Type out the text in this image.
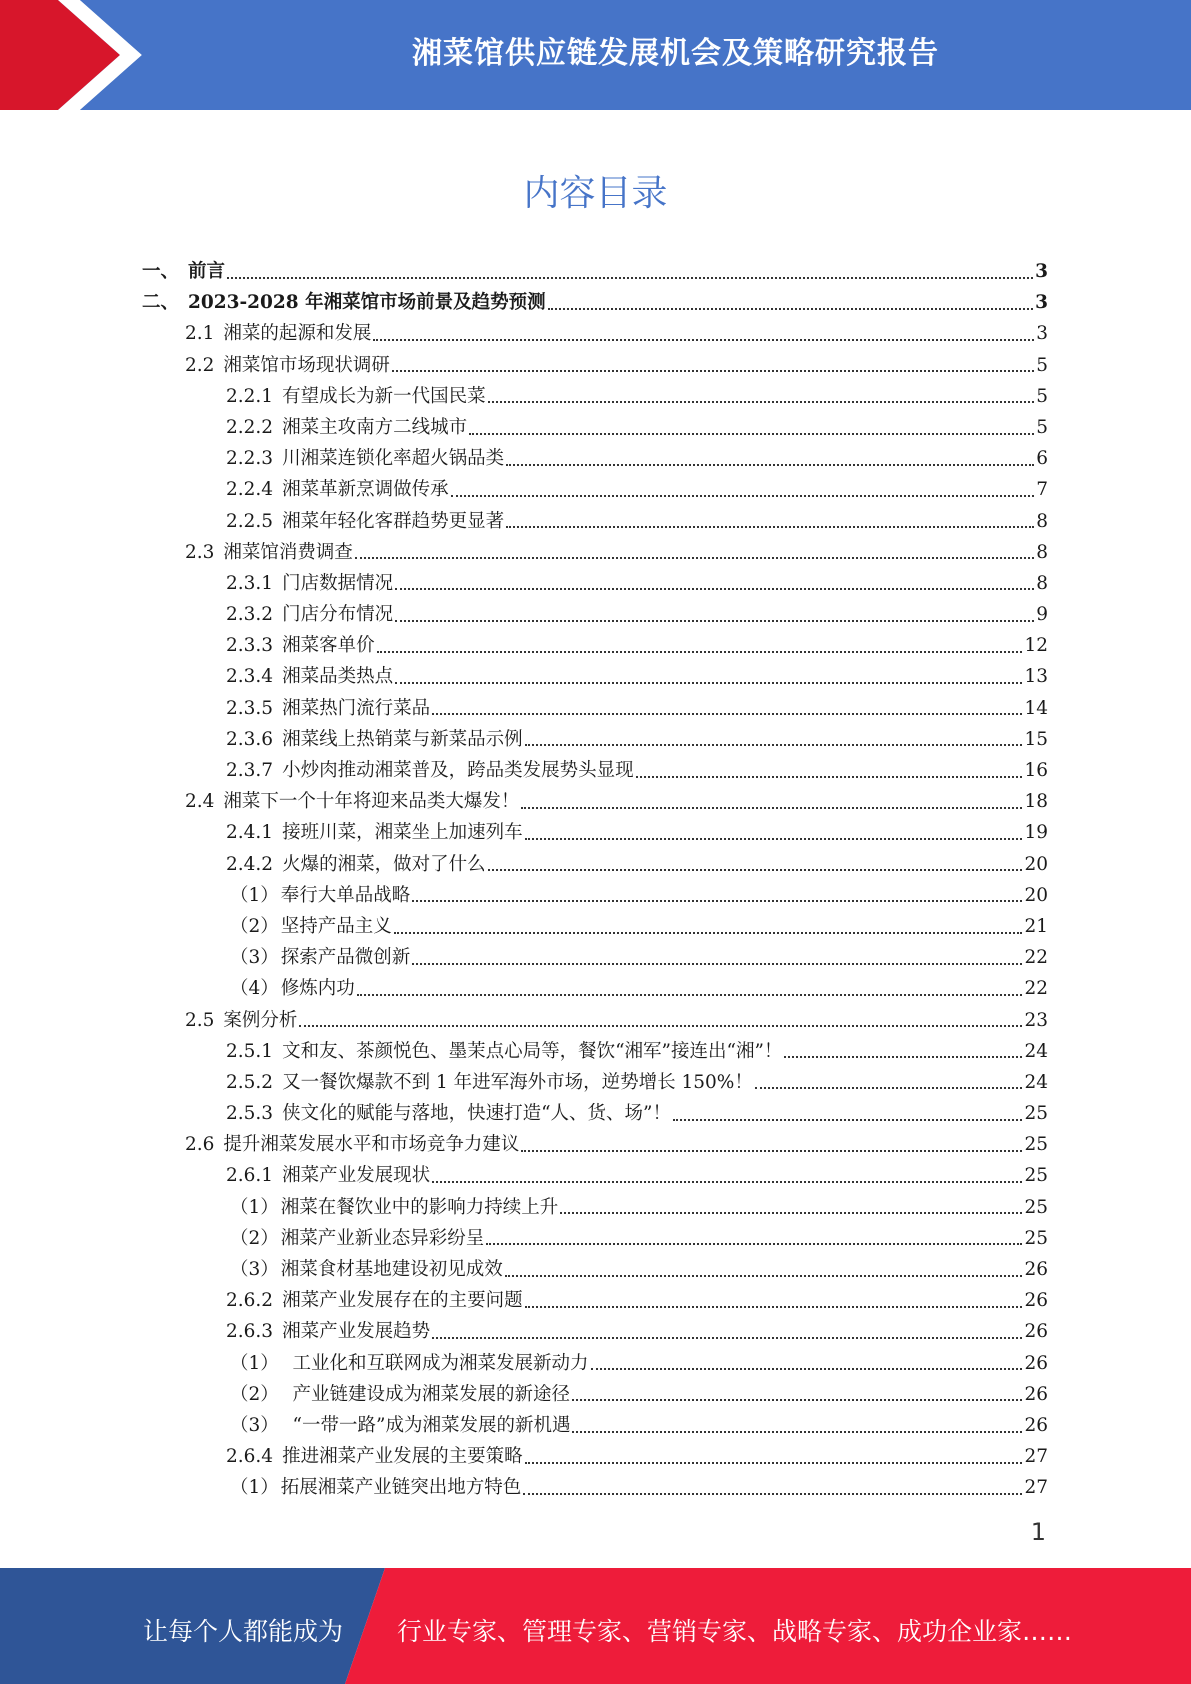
湘菜馆供应链发展机会及策略研究报告
内容目录
一、 前言	3
二、 2023-2028 年湘菜馆市场前景及趋势预测	3
2.1 湘菜的起源和发展	3
2.2 湘菜馆市场现状调研	5
2.2.1 有望成长为新一代国民菜	5
2.2.2 湘菜主攻南方二线城市	5
2.2.3 川湘菜连锁化率超火锅品类	6
2.2.4 湘菜革新烹调做传承	7
2.2.5 湘菜年轻化客群趋势更显著	8
2.3 湘菜馆消费调查	8
2.3.1 门店数据情况	8
2.3.2 门店分布情况	9
2.3.3 湘菜客单价	12
2.3.4 湘菜品类热点	13
2.3.5 湘菜热门流行菜品	14
2.3.6 湘菜线上热销菜与新菜品示例	15
2.3.7 小炒肉推动湘菜普及，跨品类发展势头显现	16
2.4 湘菜下一个十年将迎来品类大爆发！	18
2.4.1 接班川菜，湘菜坐上加速列车	19
2.4.2 火爆的湘菜，做对了什么	20
（1） 奉行大单品战略	20
（2） 坚持产品主义	21
（3） 探索产品微创新	22
（4） 修炼内功	22
2.5 案例分析	23
2.5.1 文和友、茶颜悦色、墨茉点心局等，餐饮“湘军”接连出“湘”！	24
2.5.2 又一餐饮爆款不到 1 年进军海外市场，逆势增长 150%！	24
2.5.3 侠文化的赋能与落地，快速打造“人、货、场”！	25
2.6 提升湘菜发展水平和市场竞争力建议	25
2.6.1 湘菜产业发展现状	25
（1） 湘菜在餐饮业中的影响力持续上升	25
（2） 湘菜产业新业态异彩纷呈	25
（3） 湘菜食材基地建设初见成效	26
2.6.2 湘菜产业发展存在的主要问题	26
2.6.3 湘菜产业发展趋势	26
（1） 工业化和互联网成为湘菜发展新动力	26
（2） 产业链建设成为湘菜发展的新途径	26
（3） “一带一路”成为湘菜发展的新机遇	26
2.6.4 推进湘菜产业发展的主要策略	27
（1） 拓展湘菜产业链突出地方特色	27
1
让每个人都能成为 行业专家、管理专家、营销专家、战略专家、成功企业家……
